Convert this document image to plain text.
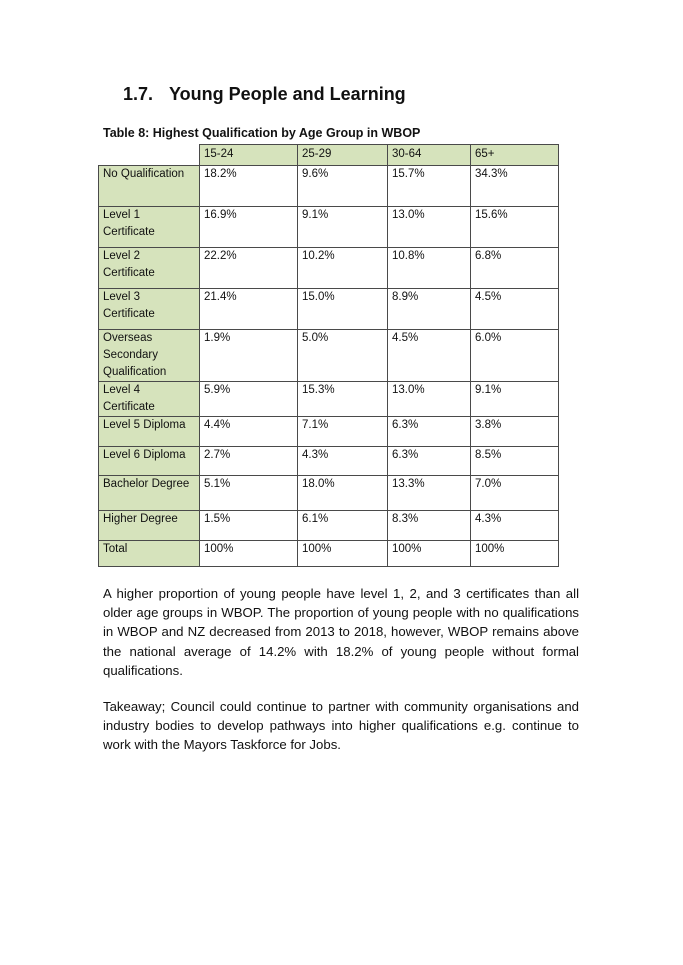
1.7. Young People and Learning

Table 8: Highest Qualification by Age Group in WBOP

	15-24	25-29	30-64	65+
No Qualification	18.2%	9.6%	15.7%	34.3%
Level 1 Certificate	16.9%	9.1%	13.0%	15.6%
Level 2 Certificate	22.2%	10.2%	10.8%	6.8%
Level 3 Certificate	21.4%	15.0%	8.9%	4.5%
Overseas Secondary Qualification	1.9%	5.0%	4.5%	6.0%
Level 4 Certificate	5.9%	15.3%	13.0%	9.1%
Level 5 Diploma	4.4%	7.1%	6.3%	3.8%
Level 6 Diploma	2.7%	4.3%	6.3%	8.5%
Bachelor Degree	5.1%	18.0%	13.3%	7.0%
Higher Degree	1.5%	6.1%	8.3%	4.3%
Total	100%	100%	100%	100%

A higher proportion of young people have level 1, 2, and 3 certificates than all older age groups in WBOP. The proportion of young people with no qualifications in WBOP and NZ decreased from 2013 to 2018, however, WBOP remains above the national average of 14.2% with 18.2% of young people without formal qualifications.

Takeaway; Council could continue to partner with community organisations and industry bodies to develop pathways into higher qualifications e.g. continue to work with the Mayors Taskforce for Jobs.
